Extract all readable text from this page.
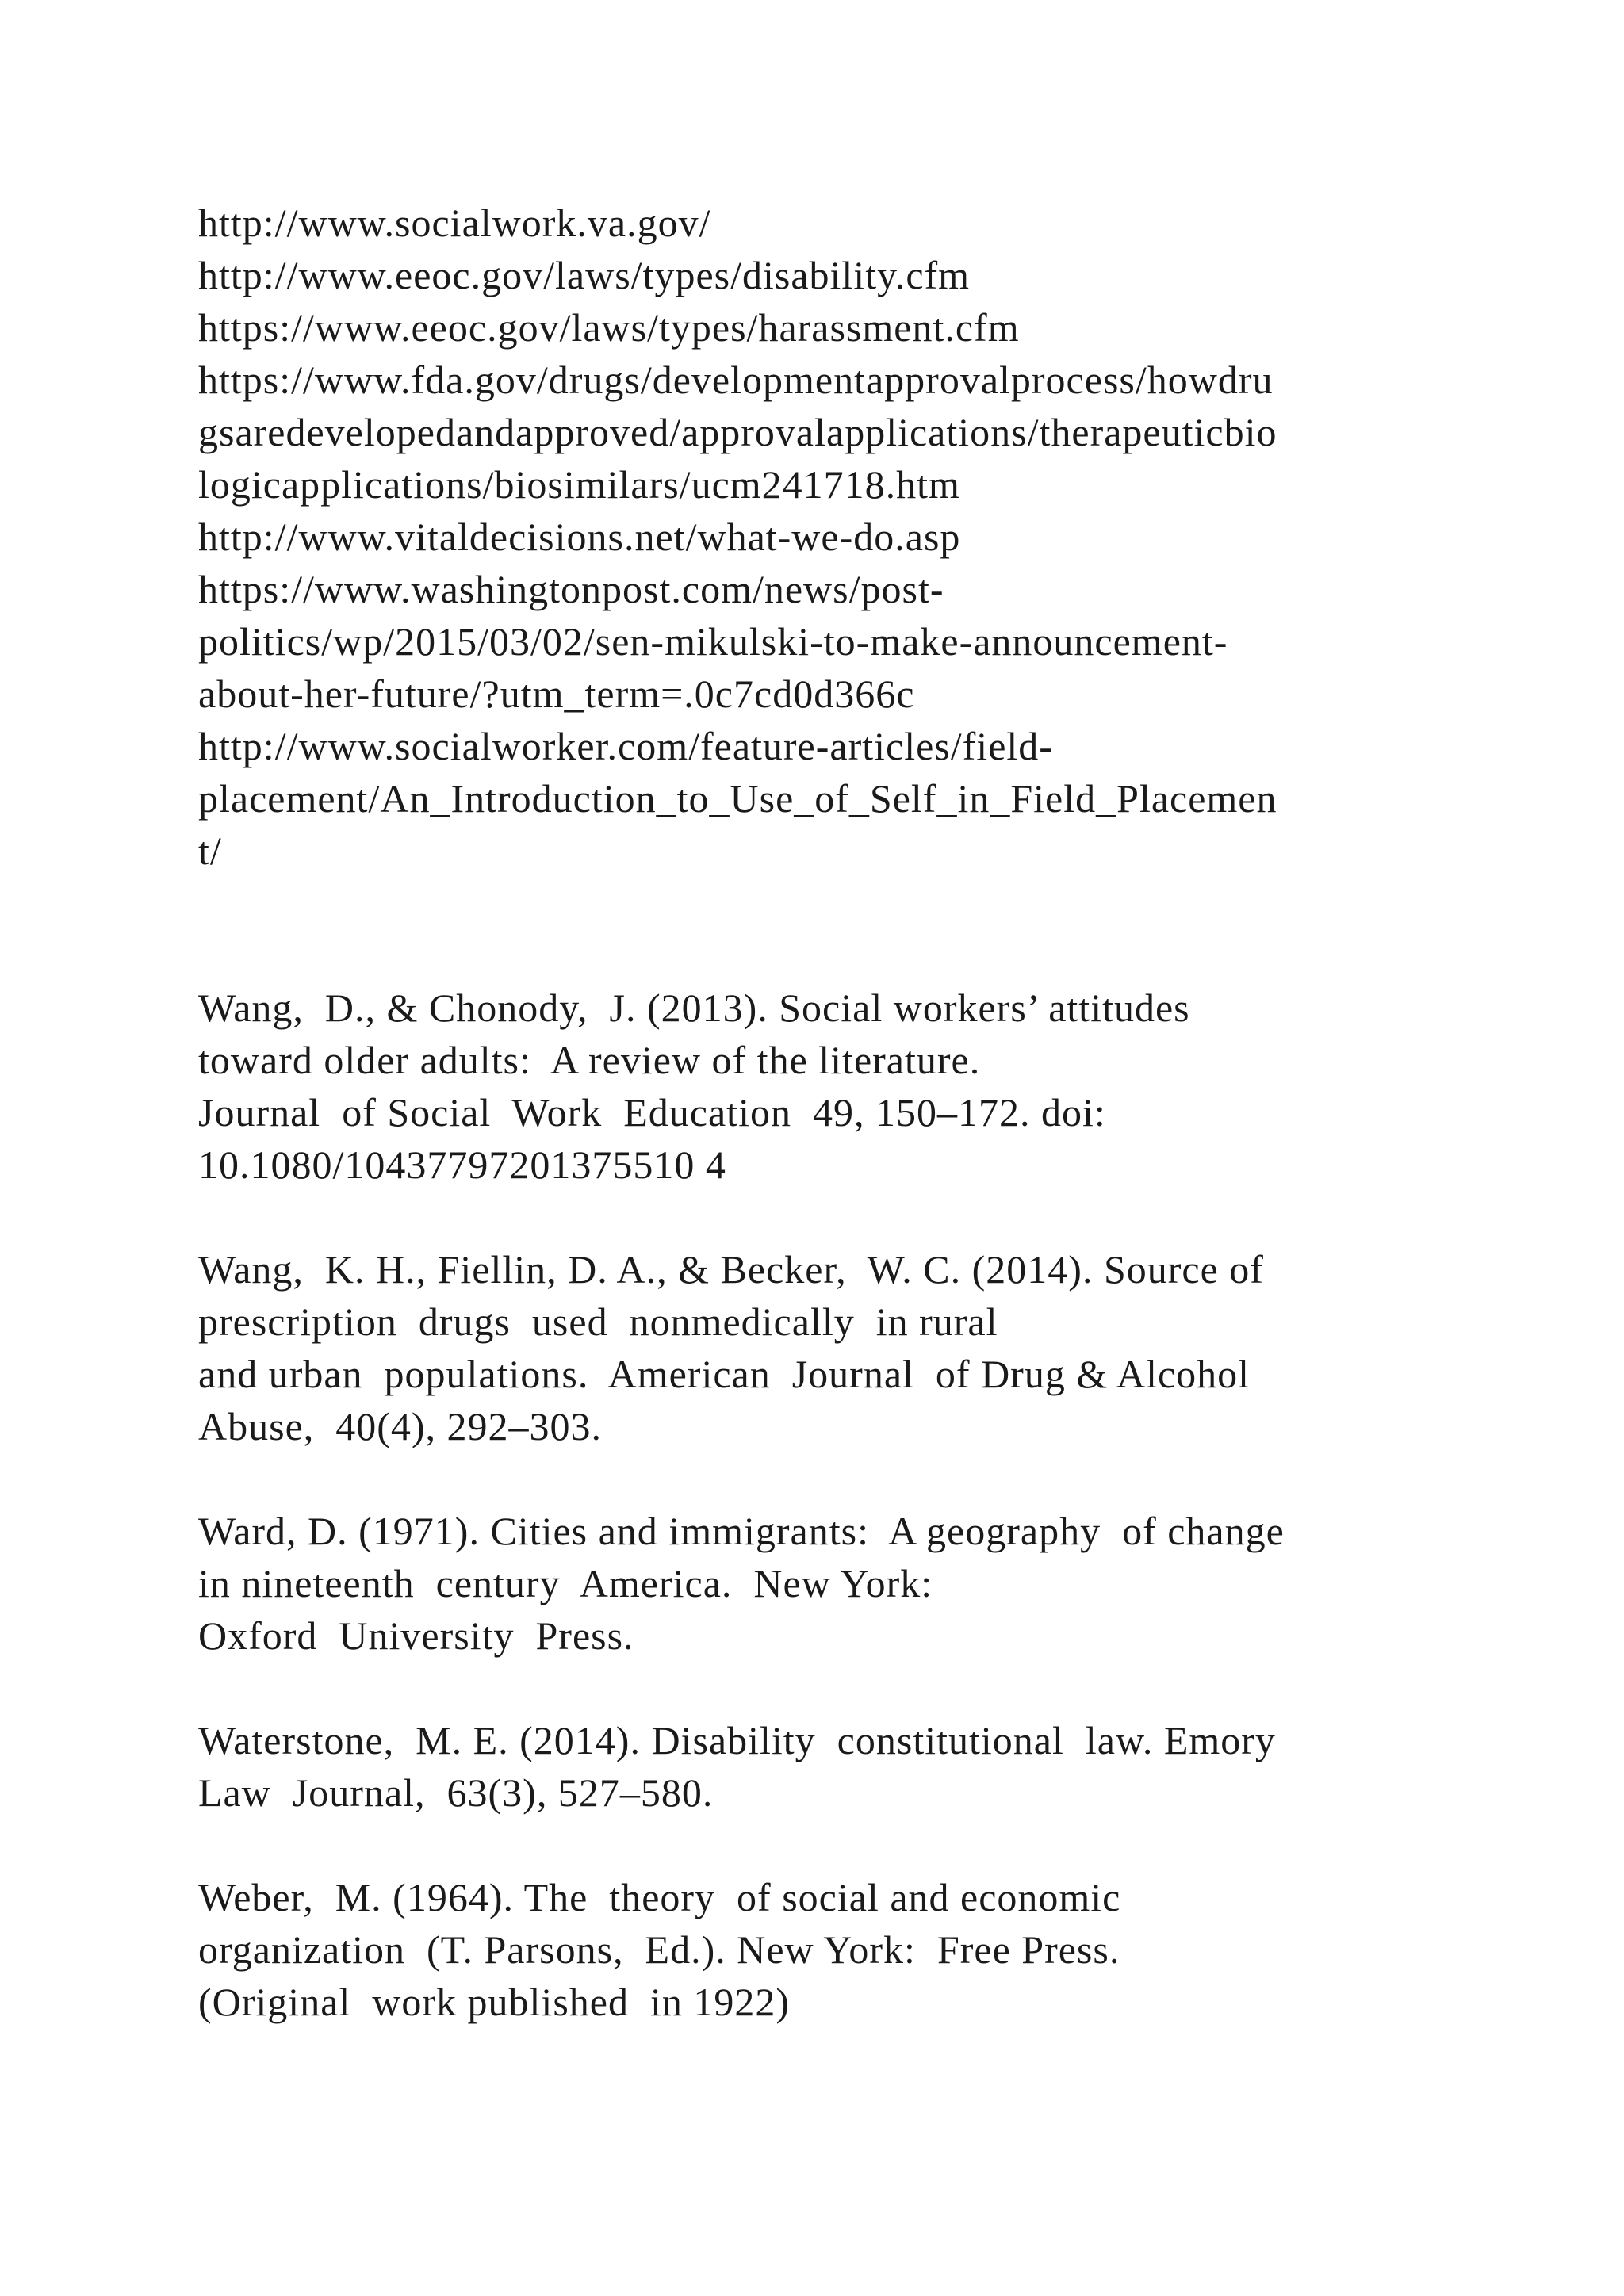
http://www.socialwork.va.gov/
http://www.eeoc.gov/laws/types/disability.cfm
https://www.eeoc.gov/laws/types/harassment.cfm
https://www.fda.gov/drugs/developmentapprovalprocess/howdru
gsaredevelopedandapproved/approvalapplications/therapeuticbio
logicapplications/biosimilars/ucm241718.htm
http://www.vitaldecisions.net/what-we-do.asp
https://www.washingtonpost.com/news/post-
politics/wp/2015/03/02/sen-mikulski-to-make-announcement-
about-her-future/?utm_term=.0c7cd0d366c
http://www.socialworker.com/feature-articles/field-
placement/An_Introduction_to_Use_of_Self_in_Field_Placemen
t/
Wang,  D., & Chonody,  J. (2013). Social workers’ attitudes
toward older adults:  A review of the literature.
Journal  of Social  Work  Education  49, 150–172. doi:
10.1080/10437797201375510 4
Wang,  K. H., Fiellin, D. A., & Becker,  W. C. (2014). Source of
prescription  drugs  used  nonmedically  in rural
and urban  populations.  American  Journal  of Drug & Alcohol
Abuse,  40(4), 292–303.
Ward, D. (1971). Cities and immigrants:  A geography  of change
in nineteenth  century  America.  New York:
Oxford  University  Press.
Waterstone,  M. E. (2014). Disability  constitutional  law. Emory
Law  Journal,  63(3), 527–580.
Weber,  M. (1964). The  theory  of social and economic
organization  (T. Parsons,  Ed.). New York:  Free Press.
(Original  work published  in 1922)
